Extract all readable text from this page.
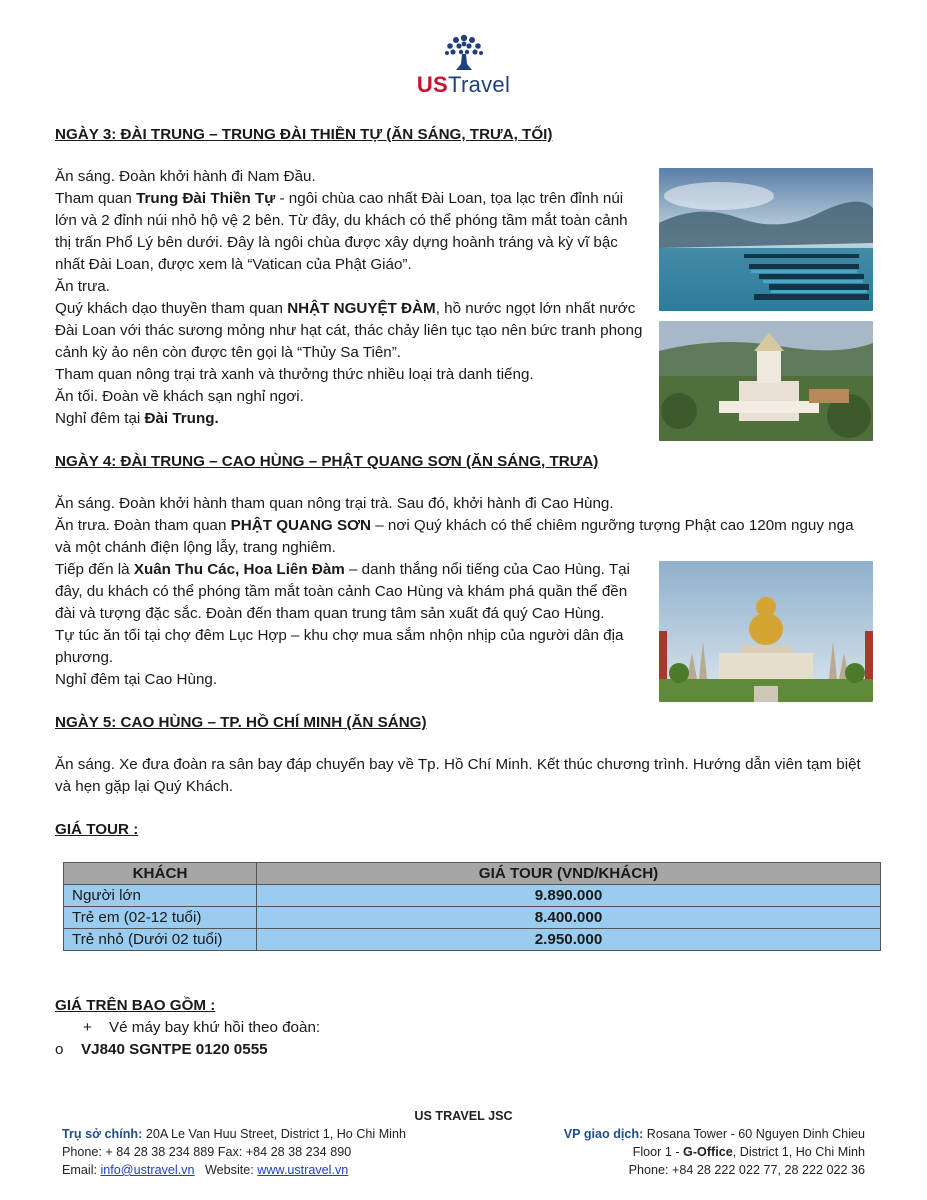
USTravel
NGÀY 3: ĐÀI TRUNG – TRUNG ĐÀI THIỀN TỰ (ĂN SÁNG, TRƯA, TỐI)

Ăn sáng. Đoàn khởi hành đi Nam Đầu.

Tham quan Trung Đài Thiền Tự - ngôi chùa cao nhất Đài Loan, tọa lạc trên đỉnh núi lớn và 2 đỉnh núi nhỏ hộ vệ 2 bên. Từ đây, du khách có thể phóng tầm mắt toàn cảnh thị trấn Phổ Lý bên dưới. Đây là ngôi chùa được xây dựng hoành tráng và kỳ vĩ bậc nhất Đài Loan, được xem là “Vatican của Phật Giáo”.

Ăn trưa.

Quý khách dạo thuyền tham quan NHẬT NGUYỆT ĐÀM, hồ nước ngọt lớn nhất nước Đài Loan với thác sương mỏng như hạt cát, thác chảy liên tục tạo nên bức tranh phong cảnh kỳ ảo nên còn được tên gọi là “Thủy Sa Tiên”.

Tham quan nông trại trà xanh và thưởng thức nhiều loại trà danh tiếng.

Ăn tối. Đoàn về khách sạn nghỉ ngơi.

Nghỉ đêm tại Đài Trung.

NGÀY 4: ĐÀI TRUNG – CAO HÙNG – PHẬT QUANG SƠN (ĂN SÁNG, TRƯA)

Ăn sáng. Đoàn khởi hành tham quan nông trại trà. Sau đó, khởi hành đi Cao Hùng.

Ăn trưa. Đoàn tham quan PHẬT QUANG SƠN – nơi Quý khách có thể chiêm ngưỡng tượng Phật cao 120m nguy nga và một chánh điện lộng lẫy, trang nghiêm.

Tiếp đến là Xuân Thu Các, Hoa Liên Đàm – danh thắng nổi tiếng của Cao Hùng. Tại đây, du khách có thể phóng tầm mắt toàn cảnh Cao Hùng và khám phá quần thể đền đài và tượng đặc sắc. Đoàn đến tham quan trung tâm sản xuất đá quý Cao Hùng.

Tự túc ăn tối tại chợ đêm Lục Hợp – khu chợ mua sắm nhộn nhịp của người dân địa phương.

Nghỉ đêm tại Cao Hùng.

NGÀY 5: CAO HÙNG – TP. HỒ CHÍ MINH (ĂN SÁNG)

Ăn sáng. Xe đưa đoàn ra sân bay đáp chuyến bay về Tp. Hồ Chí Minh. Kết thúc chương trình. Hướng dẫn viên tạm biệt và hẹn gặp lại Quý Khách.

GIÁ TOUR :
KHÁCH	GIÁ TOUR (VND/KHÁCH)
Người lớn	9.890.000
Trẻ em (02-12 tuổi)	8.400.000
Trẻ nhỏ (Dưới 02 tuổi)	2.950.000
GIÁ TRÊN BAO GỒM :
+ Vé máy bay khứ hồi theo đoàn:
o VJ840 SGNTPE 0120 0555
US TRAVEL JSC
Trụ sở chính: 20A Le Van Huu Street, District 1, Ho Chi Minh
Phone: + 84 28 38 234 889 Fax: +84 28 38 234 890
Email: info@ustravel.vn   Website: www.ustravel.vn
VP giao dịch: Rosana Tower - 60 Nguyen Dinh Chieu
Floor 1 - G-Office, District 1, Ho Chi Minh
Phone: +84 28 222 022 77, 28 222 022 36
